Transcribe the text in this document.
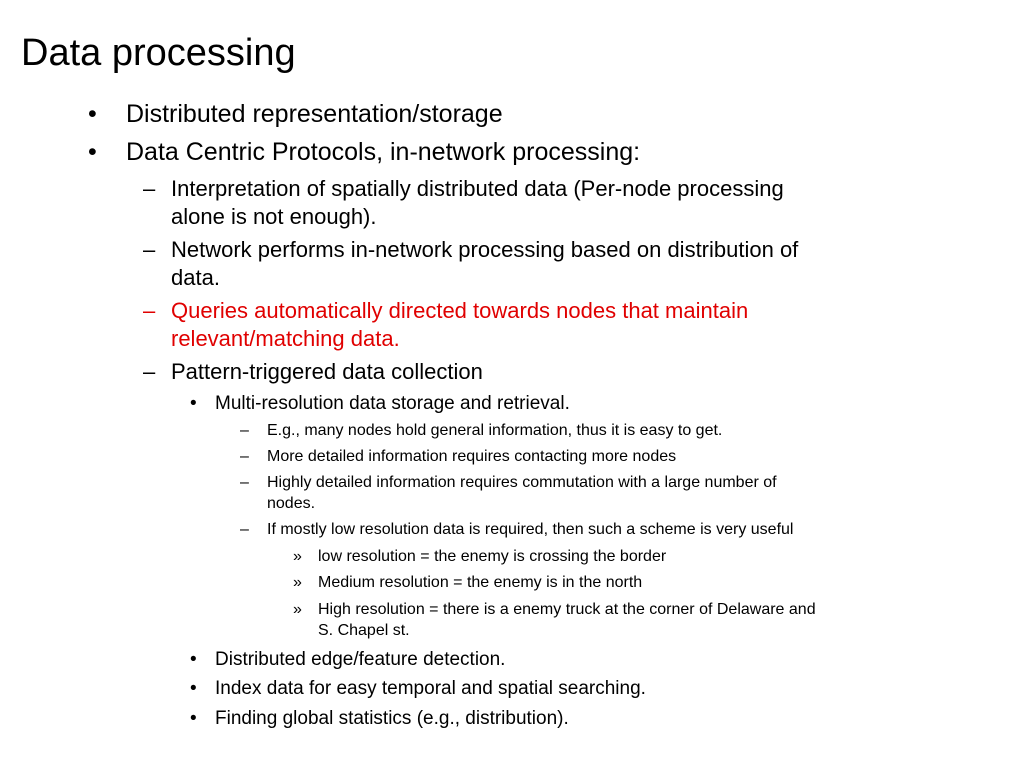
Data processing
• Distributed representation/storage
• Data Centric Protocols, in-network processing:
– Interpretation of spatially distributed data (Per-node processing
alone is not enough).
– Network performs in-network processing based on distribution of
data.
– Queries automatically directed towards nodes that maintain
relevant/matching data.
– Pattern-triggered data collection
• Multi-resolution data storage and retrieval.
– E.g., many nodes hold general information, thus it is easy to get.
– More detailed information requires contacting more nodes
– Highly detailed information requires commutation with a large number of
nodes.
– If mostly low resolution data is required, then such a scheme is very useful
» low resolution = the enemy is crossing the border
» Medium resolution = the enemy is in the north
» High resolution = there is a enemy truck at the corner of Delaware and
S. Chapel st.
• Distributed edge/feature detection.
• Index data for easy temporal and spatial searching.
• Finding global statistics (e.g., distribution).
